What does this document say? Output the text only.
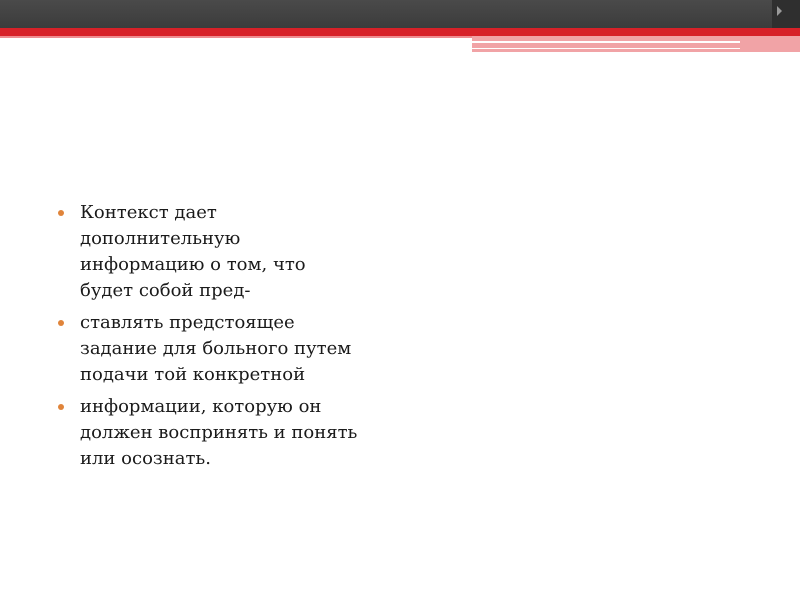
Контекст дает
дополнительную
информацию о том, что
будет собой пред-
ставлять предстоящее
задание для больного путем
подачи той конкретной
информации, которую он
должен воспринять и понять
или осознать.
